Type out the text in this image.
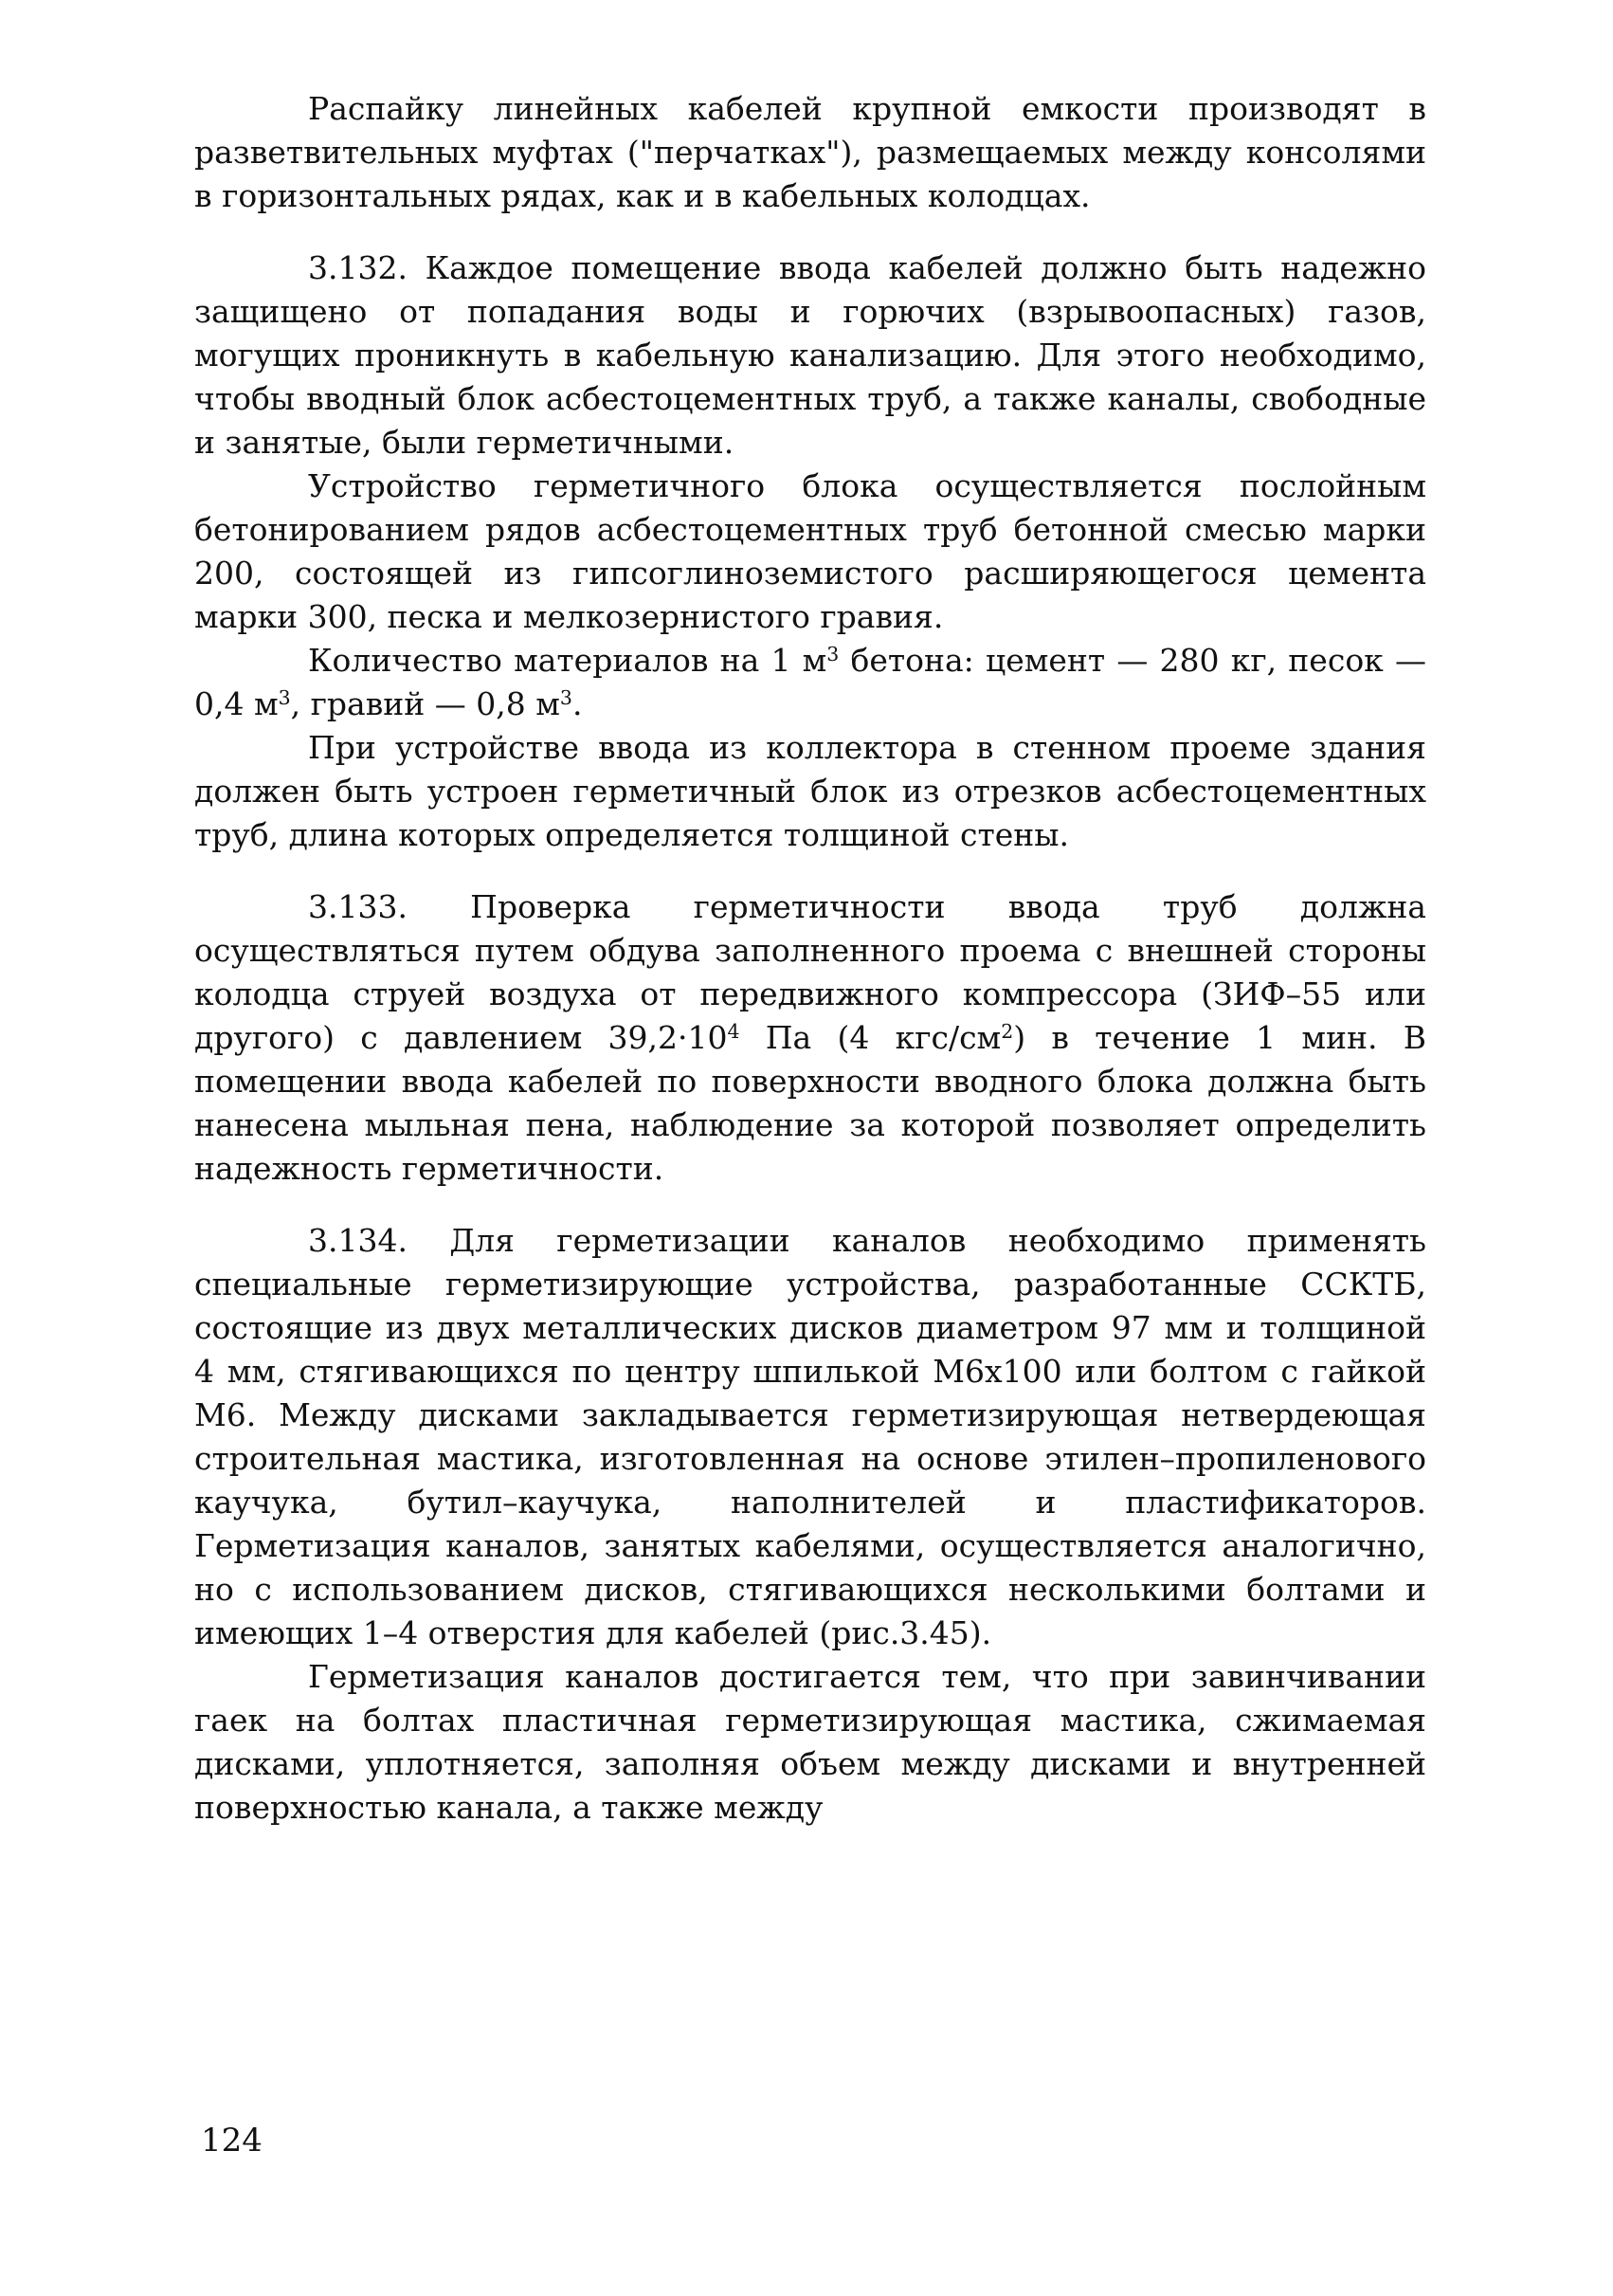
Распайку линейных кабелей крупной емкости производят в разветвительных муфтах ("перчатках"), размещаемых между консолями в горизонтальных рядах, как и в кабельных колодцах.

3.132. Каждое помещение ввода кабелей должно быть надежно защищено от попадания воды и горючих (взрывоопасных) газов, могущих проникнуть в кабельную канализацию. Для этого необходимо, чтобы вводный блок асбестоцементных труб, а также каналы, свободные и занятые, были герметичными.

Устройство герметичного блока осуществляется послойным бетонированием рядов асбестоцементных труб бетонной смесью марки 200, состоящей из гипсоглиноземистого расширяющегося цемента марки 300, песка и мелкозернистого гравия.

Количество материалов на 1 $м^3$ бетона: цемент — 280 кг, песок — 0,4 $м^3$, гравий — 0,8 $м^3$.

При устройстве ввода из коллектора в стенном проеме здания должен быть устроен герметичный блок из отрезков асбестоцементных труб, длина которых определяется толщиной стены.

3.133. Проверка герметичности ввода труб должна осуществляться путем обдува заполненного проема с внешней стороны колодца струей воздуха от передвижного компрессора (ЗИФ–55 или другого) с давлением $39,2\cdot 10^4$ Па (4 кгс/$см^2$) в течение 1 мин. В помещении ввода кабелей по поверхности вводного блока должна быть нанесена мыльная пена, наблюдение за которой позволяет определить надежность герметичности.

3.134. Для герметизации каналов необходимо применять специальные герметизирующие устройства, разработанные ССКТБ, состоящие из двух металлических дисков диаметром 97 мм и толщиной 4 мм, стягивающихся по центру шпилькой М6х100 или болтом с гайкой М6. Между дисками закладывается герметизирующая нетвердеющая строительная мастика, изготовленная на основе этилен–пропиленового каучука, бутил–каучука, наполнителей и пластификаторов. Герметизация каналов, занятых кабелями, осуществляется аналогично, но с использованием дисков, стягивающихся несколькими болтами и имеющих 1–4 отверстия для кабелей (рис.3.45).

Герметизация каналов достигается тем, что при завинчивании гаек на болтах пластичная герметизирующая мастика, сжимаемая дисками, уплотняется, заполняя объем между дисками и внутренней поверхностью канала, а также между

124
